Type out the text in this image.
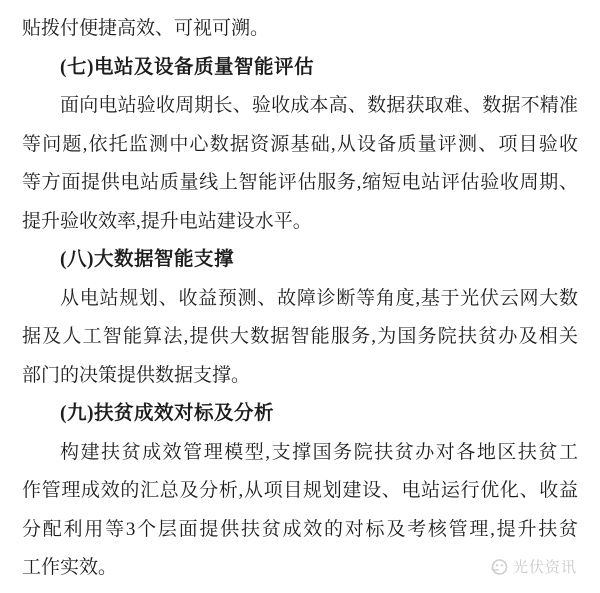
贴拨付便捷高效、可视可溯。
(七)电站及设备质量智能评估
面向电站验收周期长、验收成本高、数据获取难、数据不精准
等问题,依托监测中心数据资源基础,从设备质量评测、项目验收
等方面提供电站质量线上智能评估服务,缩短电站评估验收周期、
提升验收效率,提升电站建设水平。
(八)大数据智能支撑
从电站规划、收益预测、故障诊断等角度,基于光伏云网大数
据及人工智能算法,提供大数据智能服务,为国务院扶贫办及相关
部门的决策提供数据支撑。
(九)扶贫成效对标及分析
构建扶贫成效管理模型,支撑国务院扶贫办对各地区扶贫工
作管理成效的汇总及分析,从项目规划建设、电站运行优化、收益
分配利用等3个层面提供扶贫成效的对标及考核管理,提升扶贫
工作实效。	光伏资讯
